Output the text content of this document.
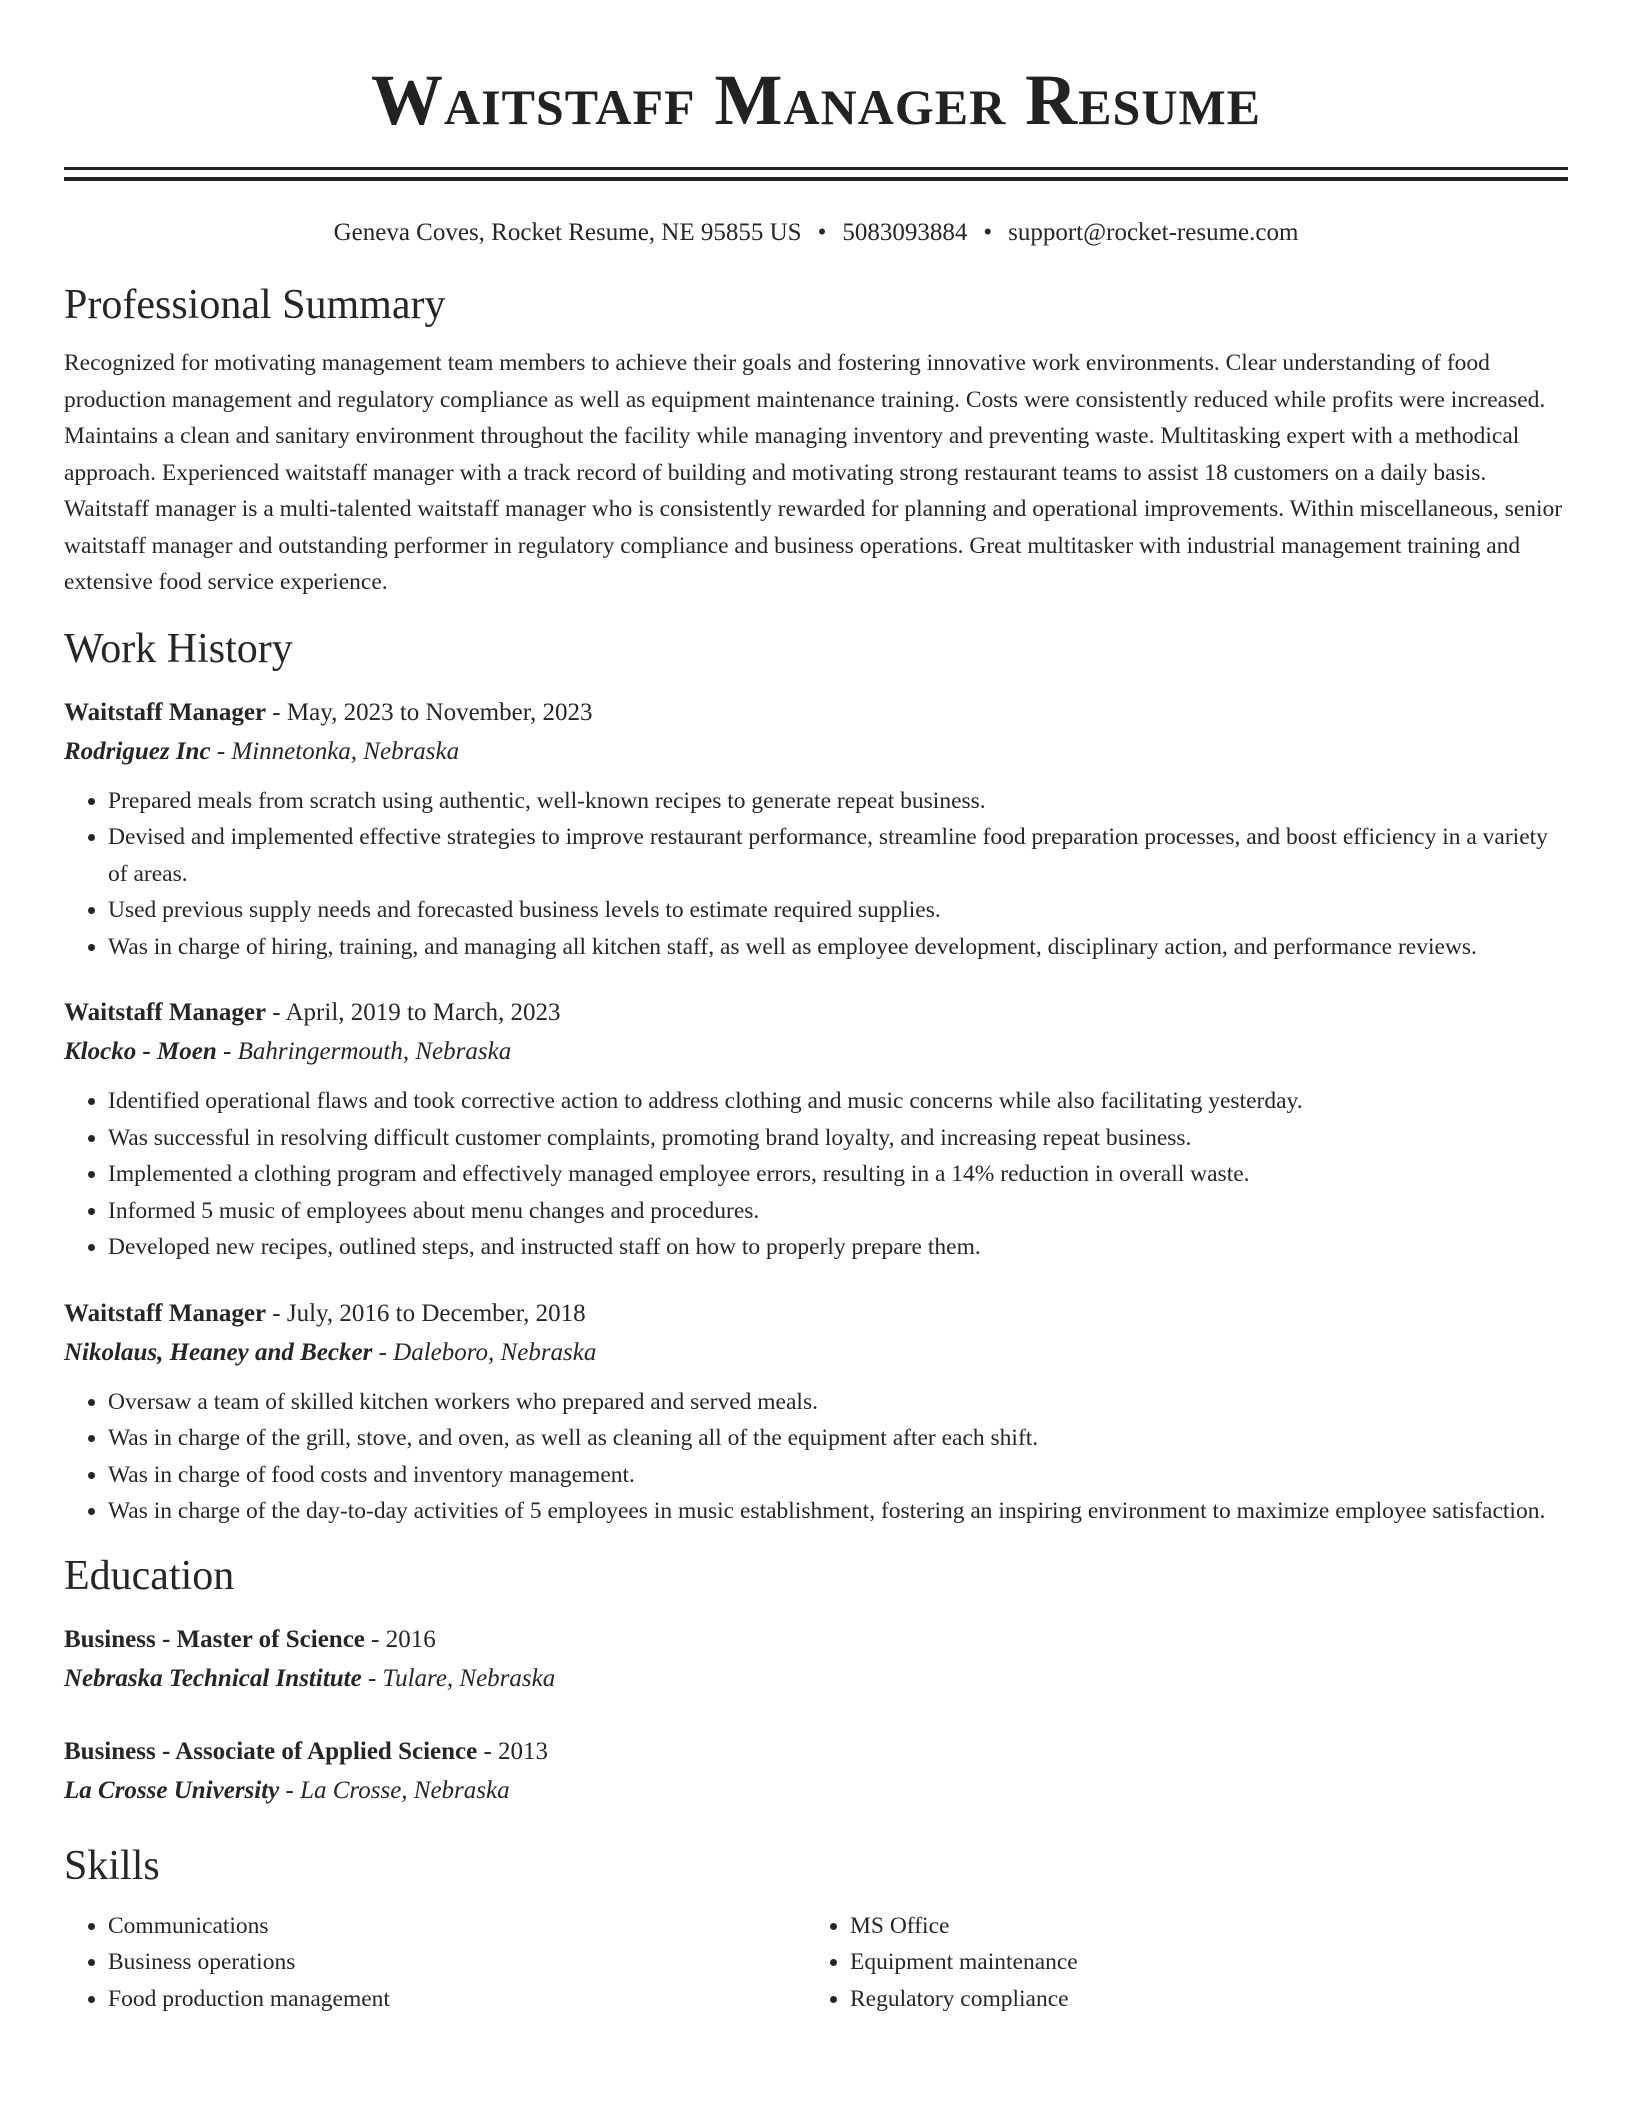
Waitstaff Manager Resume
Geneva Coves, Rocket Resume, NE 95855 US • 5083093884 • support@rocket-resume.com
Professional Summary

Recognized for motivating management team members to achieve their goals and fostering innovative work environments. Clear understanding of food production management and regulatory compliance as well as equipment maintenance training. Costs were consistently reduced while profits were increased. Maintains a clean and sanitary environment throughout the facility while managing inventory and preventing waste. Multitasking expert with a methodical approach. Experienced waitstaff manager with a track record of building and motivating strong restaurant teams to assist 18 customers on a daily basis. Waitstaff manager is a multi-talented waitstaff manager who is consistently rewarded for planning and operational improvements. Within miscellaneous, senior waitstaff manager and outstanding performer in regulatory compliance and business operations. Great multitasker with industrial management training and extensive food service experience.

Work History
Waitstaff Manager - May, 2023 to November, 2023
Rodriguez Inc - Minnetonka, Nebraska
• Prepared meals from scratch using authentic, well-known recipes to generate repeat business.
• Devised and implemented effective strategies to improve restaurant performance, streamline food preparation processes, and boost efficiency in a variety of areas.
• Used previous supply needs and forecasted business levels to estimate required supplies.
• Was in charge of hiring, training, and managing all kitchen staff, as well as employee development, disciplinary action, and performance reviews.
Waitstaff Manager - April, 2019 to March, 2023
Klocko - Moen - Bahringermouth, Nebraska
• Identified operational flaws and took corrective action to address clothing and music concerns while also facilitating yesterday.
• Was successful in resolving difficult customer complaints, promoting brand loyalty, and increasing repeat business.
• Implemented a clothing program and effectively managed employee errors, resulting in a 14% reduction in overall waste.
• Informed 5 music of employees about menu changes and procedures.
• Developed new recipes, outlined steps, and instructed staff on how to properly prepare them.
Waitstaff Manager - July, 2016 to December, 2018
Nikolaus, Heaney and Becker - Daleboro, Nebraska
• Oversaw a team of skilled kitchen workers who prepared and served meals.
• Was in charge of the grill, stove, and oven, as well as cleaning all of the equipment after each shift.
• Was in charge of food costs and inventory management.
• Was in charge of the day-to-day activities of 5 employees in music establishment, fostering an inspiring environment to maximize employee satisfaction.
Education
Business - Master of Science - 2016
Nebraska Technical Institute - Tulare, Nebraska
Business - Associate of Applied Science - 2013
La Crosse University - La Crosse, Nebraska
Skills
• Communications
• Business operations
• Food production management
• MS Office
• Equipment maintenance
• Regulatory compliance
